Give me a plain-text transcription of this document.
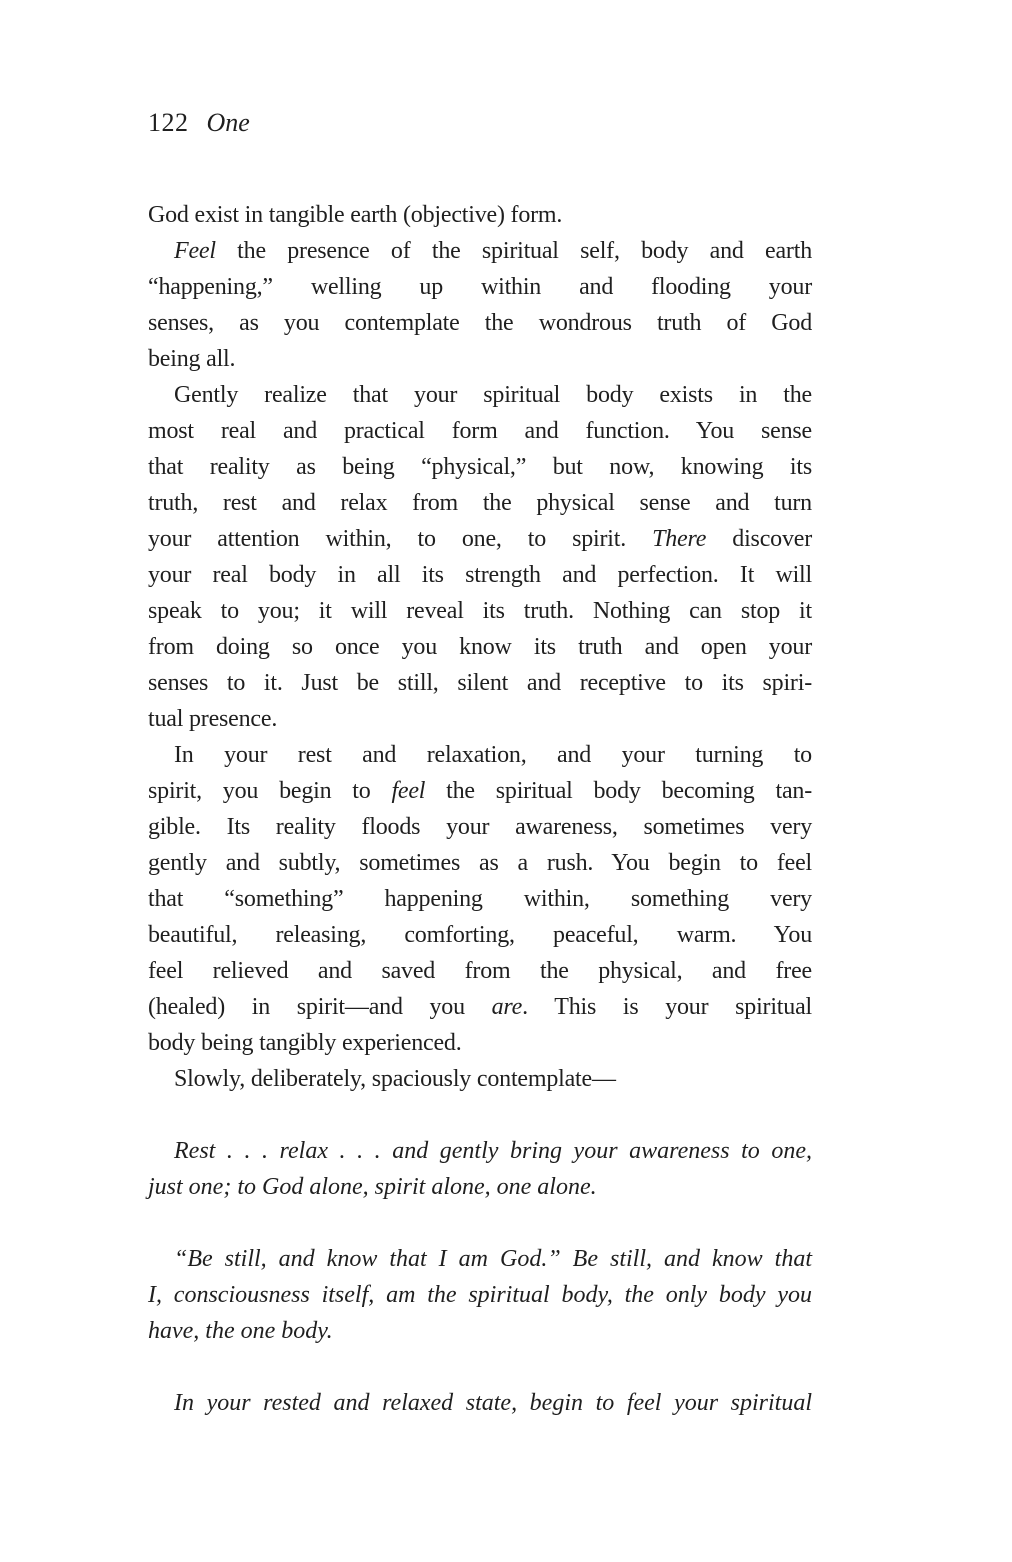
122 One
God exist in tangible earth (objective) form.
Feel the presence of the spiritual self, body and earth
“happening,” welling up within and flooding your
senses, as you contemplate the wondrous truth of God
being all.
Gently realize that your spiritual body exists in the
most real and practical form and function. You sense
that reality as being “physical,” but now, knowing its
truth, rest and relax from the physical sense and turn
your attention within, to one, to spirit. There discover
your real body in all its strength and perfection. It will
speak to you; it will reveal its truth. Nothing can stop it
from doing so once you know its truth and open your
senses to it. Just be still, silent and receptive to its spiri-
tual presence.
In your rest and relaxation, and your turning to
spirit, you begin to feel the spiritual body becoming tan-
gible. Its reality floods your awareness, sometimes very
gently and subtly, sometimes as a rush. You begin to feel
that “something” happening within, something very
beautiful, releasing, comforting, peaceful, warm. You
feel relieved and saved from the physical, and free
(healed) in spirit—and you are. This is your spiritual
body being tangibly experienced.
Slowly, deliberately, spaciously contemplate—
Rest . . . relax . . . and gently bring your awareness to one,
just one; to God alone, spirit alone, one alone.
“Be still, and know that I am God.” Be still, and know that
I, consciousness itself, am the spiritual body, the only body you
have, the one body.
In your rested and relaxed state, begin to feel your spiritual
